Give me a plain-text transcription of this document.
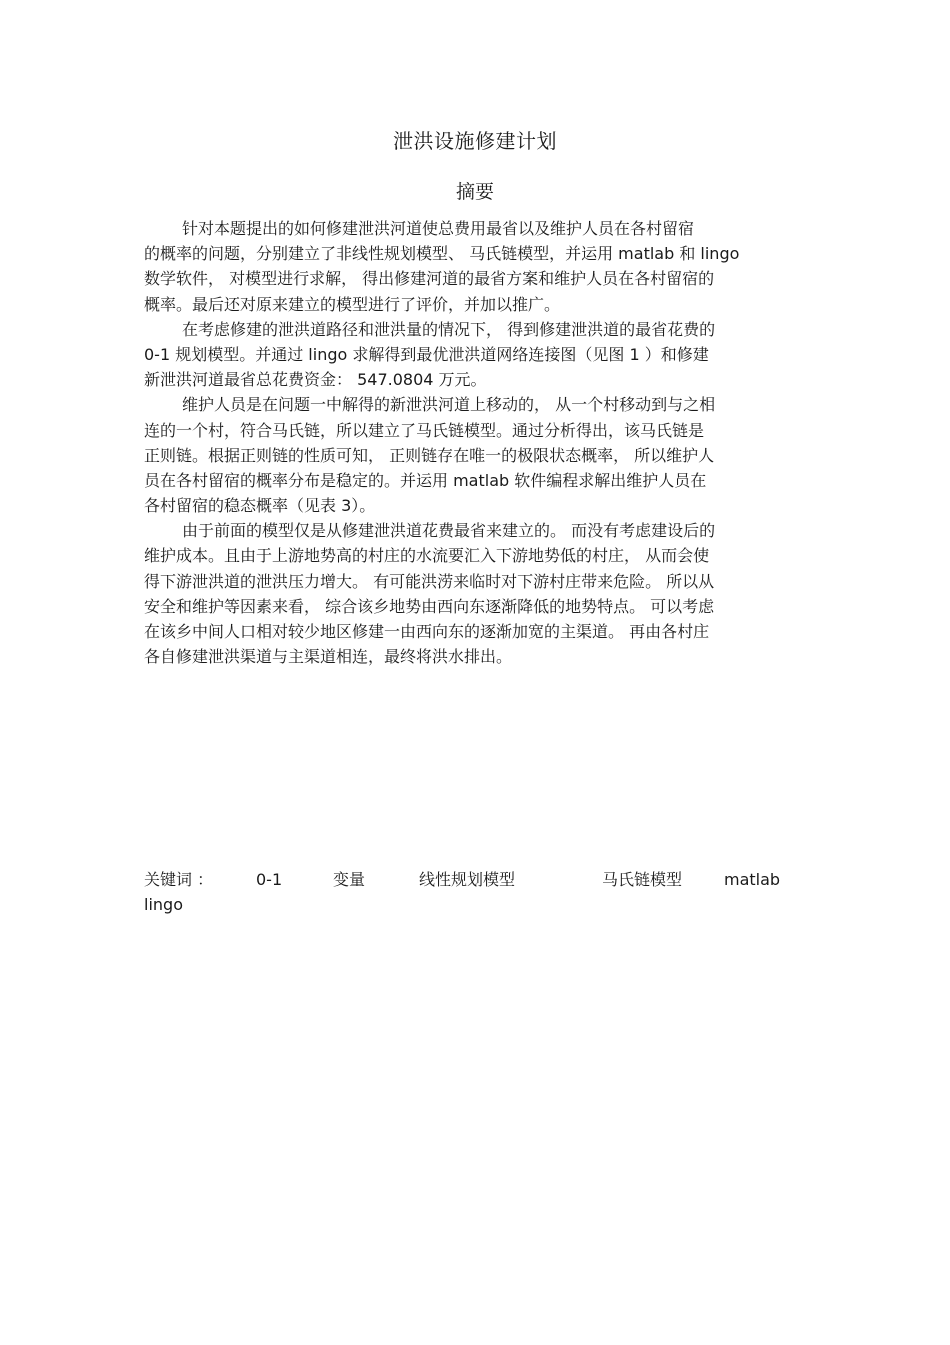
泄洪设施修建计划
摘要
针对本题提出的如何修建泄洪河道使总费用最省以及维护人员在各村留宿
的概率的问题，分别建立了非线性规划模型、 马氏链模型，并运用 matlab 和 lingo
数学软件， 对模型进行求解， 得出修建河道的最省方案和维护人员在各村留宿的
概率。最后还对原来建立的模型进行了评价，并加以推广。
在考虑修建的泄洪道路径和泄洪量的情况下， 得到修建泄洪道的最省花费的
0-1 规划模型。并通过 lingo 求解得到最优泄洪道网络连接图（见图 1 ）和修建
新泄洪河道最省总花费资金： 547.0804 万元。
维护人员是在问题一中解得的新泄洪河道上移动的， 从一个村移动到与之相
连的一个村，符合马氏链，所以建立了马氏链模型。通过分析得出，该马氏链是
正则链。根据正则链的性质可知， 正则链存在唯一的极限状态概率， 所以维护人
员在各村留宿的概率分布是稳定的。并运用 matlab 软件编程求解出维护人员在
各村留宿的稳态概率（见表 3）。
由于前面的模型仅是从修建泄洪道花费最省来建立的。 而没有考虑建设后的
维护成本。且由于上游地势高的村庄的水流要汇入下游地势低的村庄， 从而会使
得下游泄洪道的泄洪压力增大。 有可能洪涝来临时对下游村庄带来危险。 所以从
安全和维护等因素来看， 综合该乡地势由西向东逐渐降低的地势特点。 可以考虑
在该乡中间人口相对较少地区修建一由西向东的逐渐加宽的主渠道。 再由各村庄
各自修建泄洪渠道与主渠道相连，最终将洪水排出。
关键词 ：	0-1	变量	线性规划模型	马氏链模型	matlab
lingo
